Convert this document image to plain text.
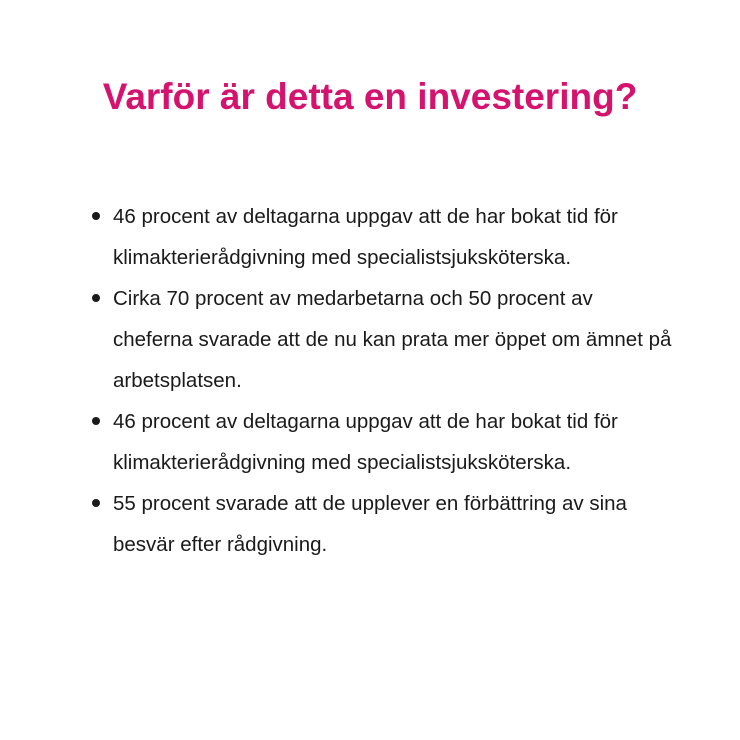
Varför är detta en investering?
46 procent av deltagarna uppgav att de har bokat tid för klimakterierådgivning med specialistsjuksköterska.
Cirka 70 procent av medarbetarna och 50 procent av cheferna svarade att de nu kan prata mer öppet om ämnet på arbetsplatsen.
46 procent av deltagarna uppgav att de har bokat tid för klimakterierådgivning med specialistsjuksköterska.
55 procent svarade att de upplever en förbättring av sina besvär efter rådgivning.
